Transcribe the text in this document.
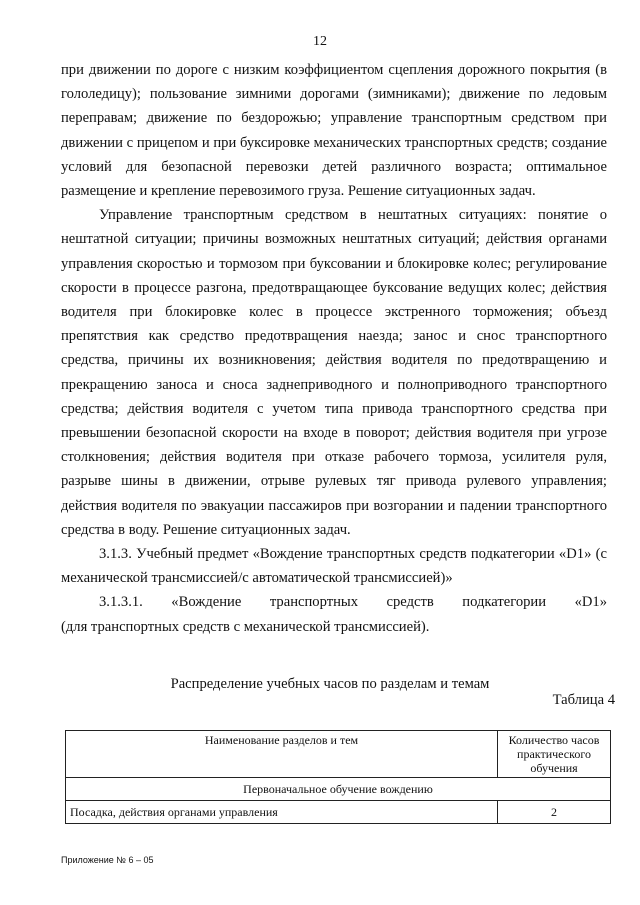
12

при движении по дороге с низким коэффициентом сцепления дорожного покрытия (в гололедицу); пользование зимними дорогами (зимниками); движение по ледовым переправам; движение по бездорожью; управление транспортным средством при движении с прицепом и при буксировке механических транспортных средств; создание условий для безопасной перевозки детей различного возраста; оптимальное размещение и крепление перевозимого груза. Решение ситуационных задач.

Управление транспортным средством в нештатных ситуациях: понятие о нештатной ситуации; причины возможных нештатных ситуаций; действия органами управления скоростью и тормозом при буксовании и блокировке колес; регулирование скорости в процессе разгона, предотвращающее буксование ведущих колес; действия водителя при блокировке колес в процессе экстренного торможения; объезд препятствия как средство предотвращения наезда; занос и снос транспортного средства, причины их возникновения; действия водителя по предотвращению и прекращению заноса и сноса заднеприводного и полноприводного транспортного средства; действия водителя с учетом типа привода транспортного средства при превышении безопасной скорости на входе в поворот; действия водителя при угрозе столкновения; действия водителя при отказе рабочего тормоза, усилителя руля, разрыве шины в движении, отрыве рулевых тяг привода рулевого управления; действия водителя по эвакуации пассажиров при возгорании и падении транспортного средства в воду. Решение ситуационных задач.

3.1.3. Учебный предмет «Вождение транспортных средств подкатегории «D1» (с механической трансмиссией/с автоматической трансмиссией)»

3.1.3.1. «Вождение транспортных средств подкатегории «D1»

(для транспортных средств с механической трансмиссией).

Распределение учебных часов по разделам и темам
Таблица 4
Наименование разделов и тем	Количество часов практического обучения
Первоначальное обучение вождению	
Посадка, действия органами управления	2
Приложение № 6 – 05
